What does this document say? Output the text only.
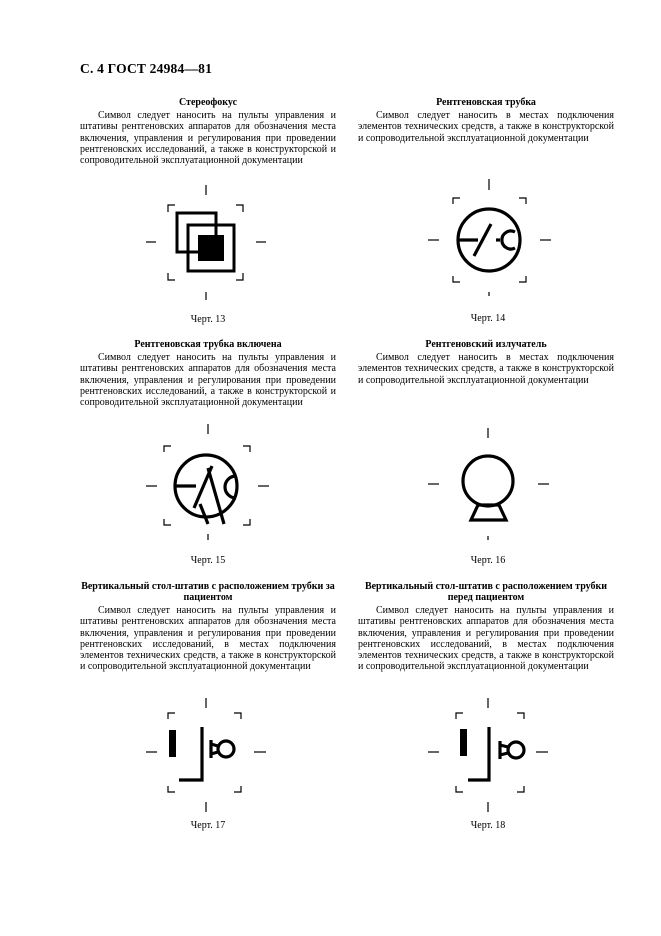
С. 4 ГОСТ 24984—81
Стереофокус
Символ следует наносить на пульты управления и штативы рентгеновских аппаратов для обозначения места включения, управления и регулирования при проведении рентгеновских исследований, а также в конструкторской и сопроводительной эксплуатационной документации
Черт. 13
Рентгеновская трубка
Символ следует наносить в местах подключения элементов технических средств, а также в конструкторской и сопроводительной эксплуатационной документации
Черт. 14
Рентгеновская трубка включена
Символ следует наносить на пульты управления и штативы рентгеновских аппаратов для обозначения места включения, управления и регулирования при проведении рентгеновских исследований, а также в конструкторской и сопроводительной эксплуатационной документации
Черт. 15
Рентгеновский излучатель
Символ следует наносить в местах подключения элементов технических средств, а также в конструкторской и сопроводительной эксплуатационной документации
Черт. 16
Вертикальный стол-штатив с расположением трубки за пациентом
Символ следует наносить на пульты управления и штативы рентгеновских аппаратов для обозначения места включения, управления и регулирования при проведении рентгеновских исследований, в местах подключения элементов технических средств, а также в конструкторской и сопроводительной эксплуатационной документации
Черт. 17
Вертикальный стол-штатив с расположением трубки перед пациентом
Символ следует наносить на пульты управления и штативы рентгеновских аппаратов для обозначения места включения, управления и регулирования при проведении рентгеновских исследований, в местах подключения элементов технических средств, а также в конструкторской и сопроводительной эксплуатационной документации
Черт. 18
